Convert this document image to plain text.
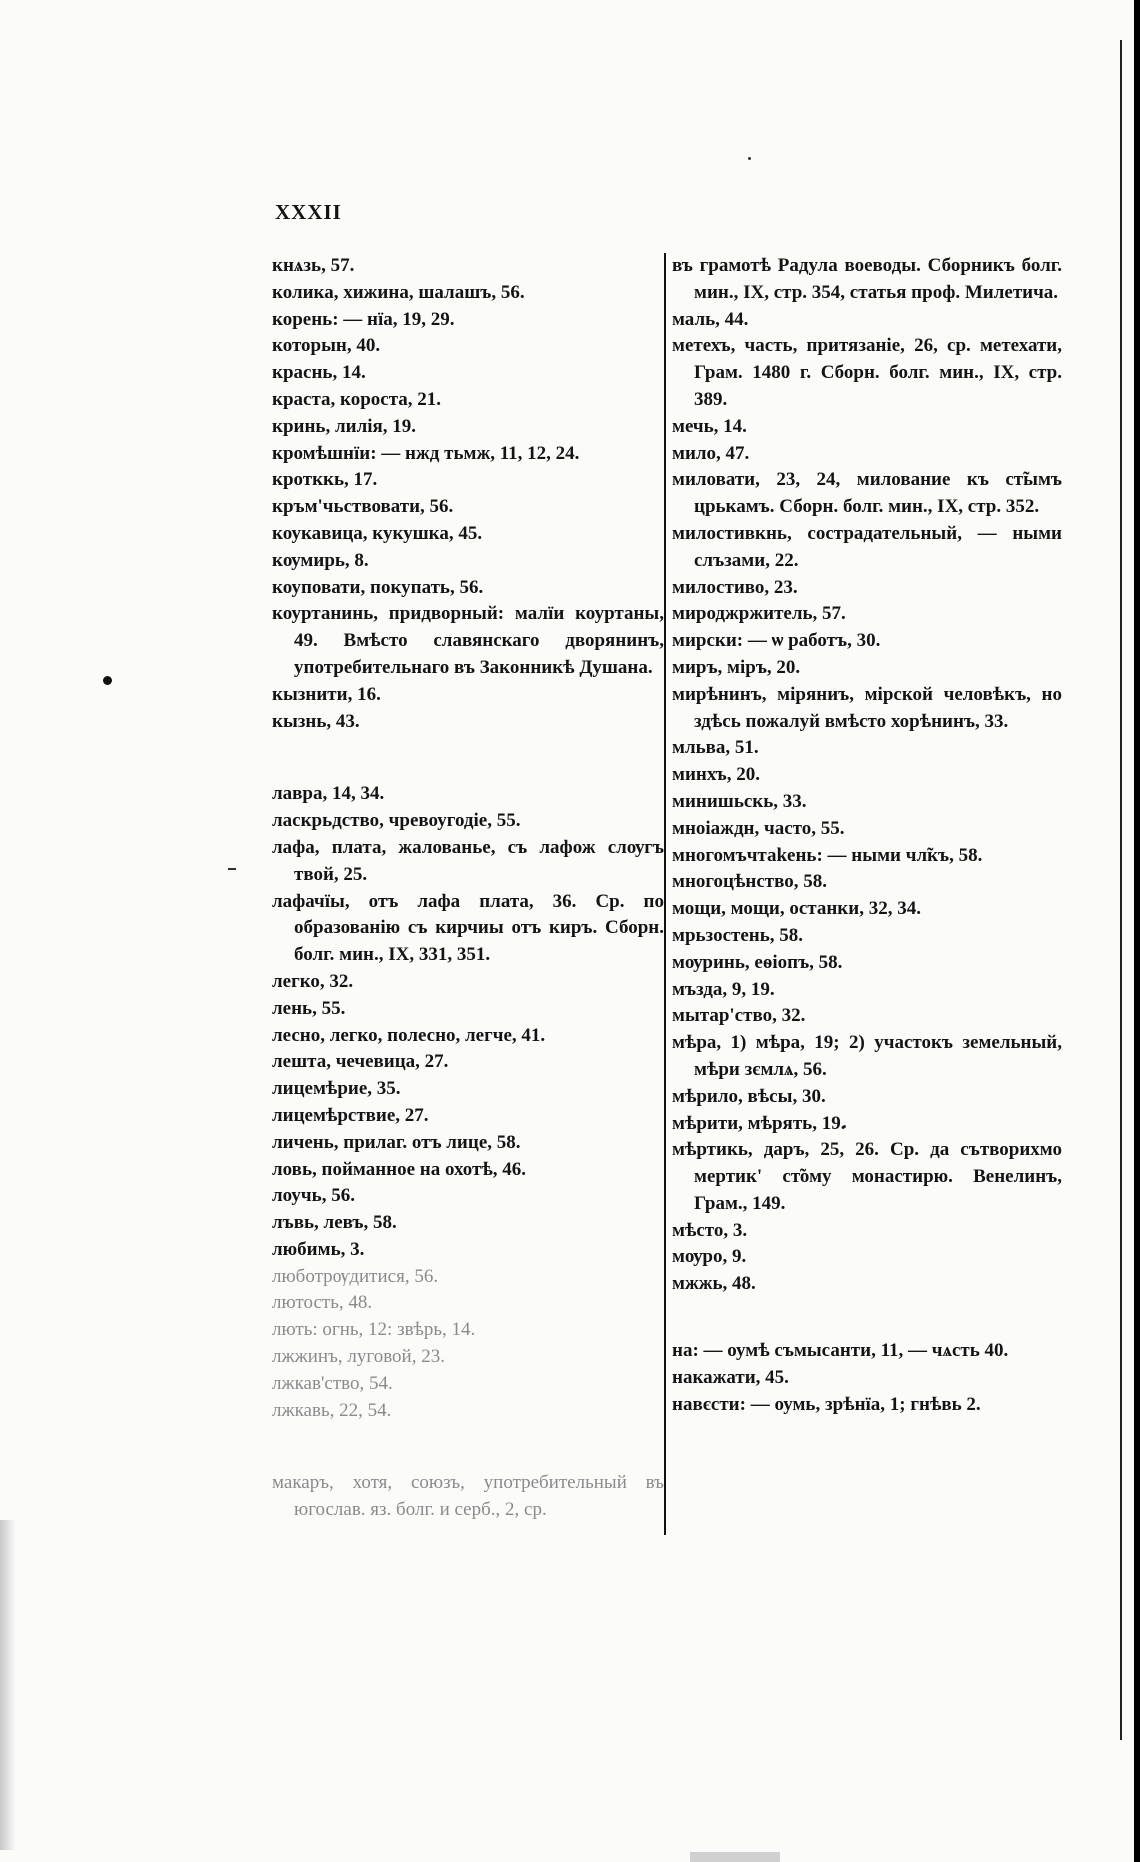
XXXII

кнѧзь, 57.

колика, хижина, шалашъ, 56.

корень: — нїа, 19, 29.

которын, 40.

краснь, 14.

краста, короста, 21.

кринь, лилія, 19.

кромѣшнїи: — нжд тьмж, 11, 12, 24.

кротккь, 17.

кръм'чьствовати, 56.

коукавица, кукушка, 45.

кѹмирь, 8.

коуповати, покупать, 56.

коуртанинь, придворный: малїи коуртаны, 49. Вмѣсто славянскаго дворянинъ, употребительнаго въ Законникѣ Душана.

кызнити, 16.

кызнь, 43.

лавра, 14, 34.

ласкрьдство, чревоугодіе, 55.

лафа, плата, жалованье, съ лафож слѹгъ твой, 25.

лафачїы, отъ лафа плата, 36. Ср. по образованію съ кирчиы отъ киръ. Сборн. болг. мин., IX, 331, 351.

легко, 32.

лень, 55.

лесно, легко, полесно, легче, 41.

лешта, чечевица, 27.

лицемѣрие, 35.

лицемѣрствие, 27.

личень, прилаг. отъ лице, 58.

ловь, пойманное на охотѣ, 46.

лоучь, 56.

лъвь, левъ, 58.

любимь, 3.

люботрѹдитися, 56.

лютость, 48.

лють: огнь, 12: звѣрь, 14.

лжжинъ, луговой, 23.

лжкав'ство, 54.

лжкавь, 22, 54.

макаръ, хотя, союзъ, употребительный въ югослав. яз. болг. и серб., 2, ср.

въ грамотѣ Радула воеводы. Сборникъ болг. мин., IX, стр. 354, статья проф. Милетича.

маль, 44.

метехъ, часть, притязаніе, 26, ср. метехати, Грам. 1480 г. Сборн. болг. мин., IX, стр. 389.

мечь, 14.

мило, 47.

миловати, 23, 24, милование къ ст̃ымъ црькамъ. Сборн. болг. мин., IX, стр. 352.

милостивкнь, сострадательный, — ными слъзами, 22.

милостиво, 23.

мироджржитель, 57.

мирски: — ѡ работъ, 30.

миръ, міръ, 20.

мирѣнинъ, міряниъ, мірской человѣкъ, но здѣсь пожалуй вмѣсто хорѣнинъ, 33.

мльва, 51.

минхъ, 20.

минишьскь, 33.

мноіаждн, часто, 55.

многомъчтаkeнь: — ными чл̃къ, 58.

многоцѣнство, 58.

мощи, мощи, останки, 32, 34.

мрьзостень, 58.

мѹринь, еѳіопъ, 58.

мъзда, 9, 19.

мытар'ство, 32.

мѣра, 1) мѣра, 19; 2) участокъ земельный, мѣри зємлѧ, 56.

мѣрило, вѣсы, 30.

мѣрити, мѣрять, 19.

мѣртикь, даръ, 25, 26. Ср. да сътворихмо мертик' ст̃ому монастирю. Венелинъ, Грам., 149.

мѣсто, 3.

мѹро, 9.

мжжь, 48.

на: — оумѣ съмысанти, 11, — чѧсть 40.

накажати, 45.

навєсти: — оумь, зрѣнїа, 1; гнѣвь 2.
